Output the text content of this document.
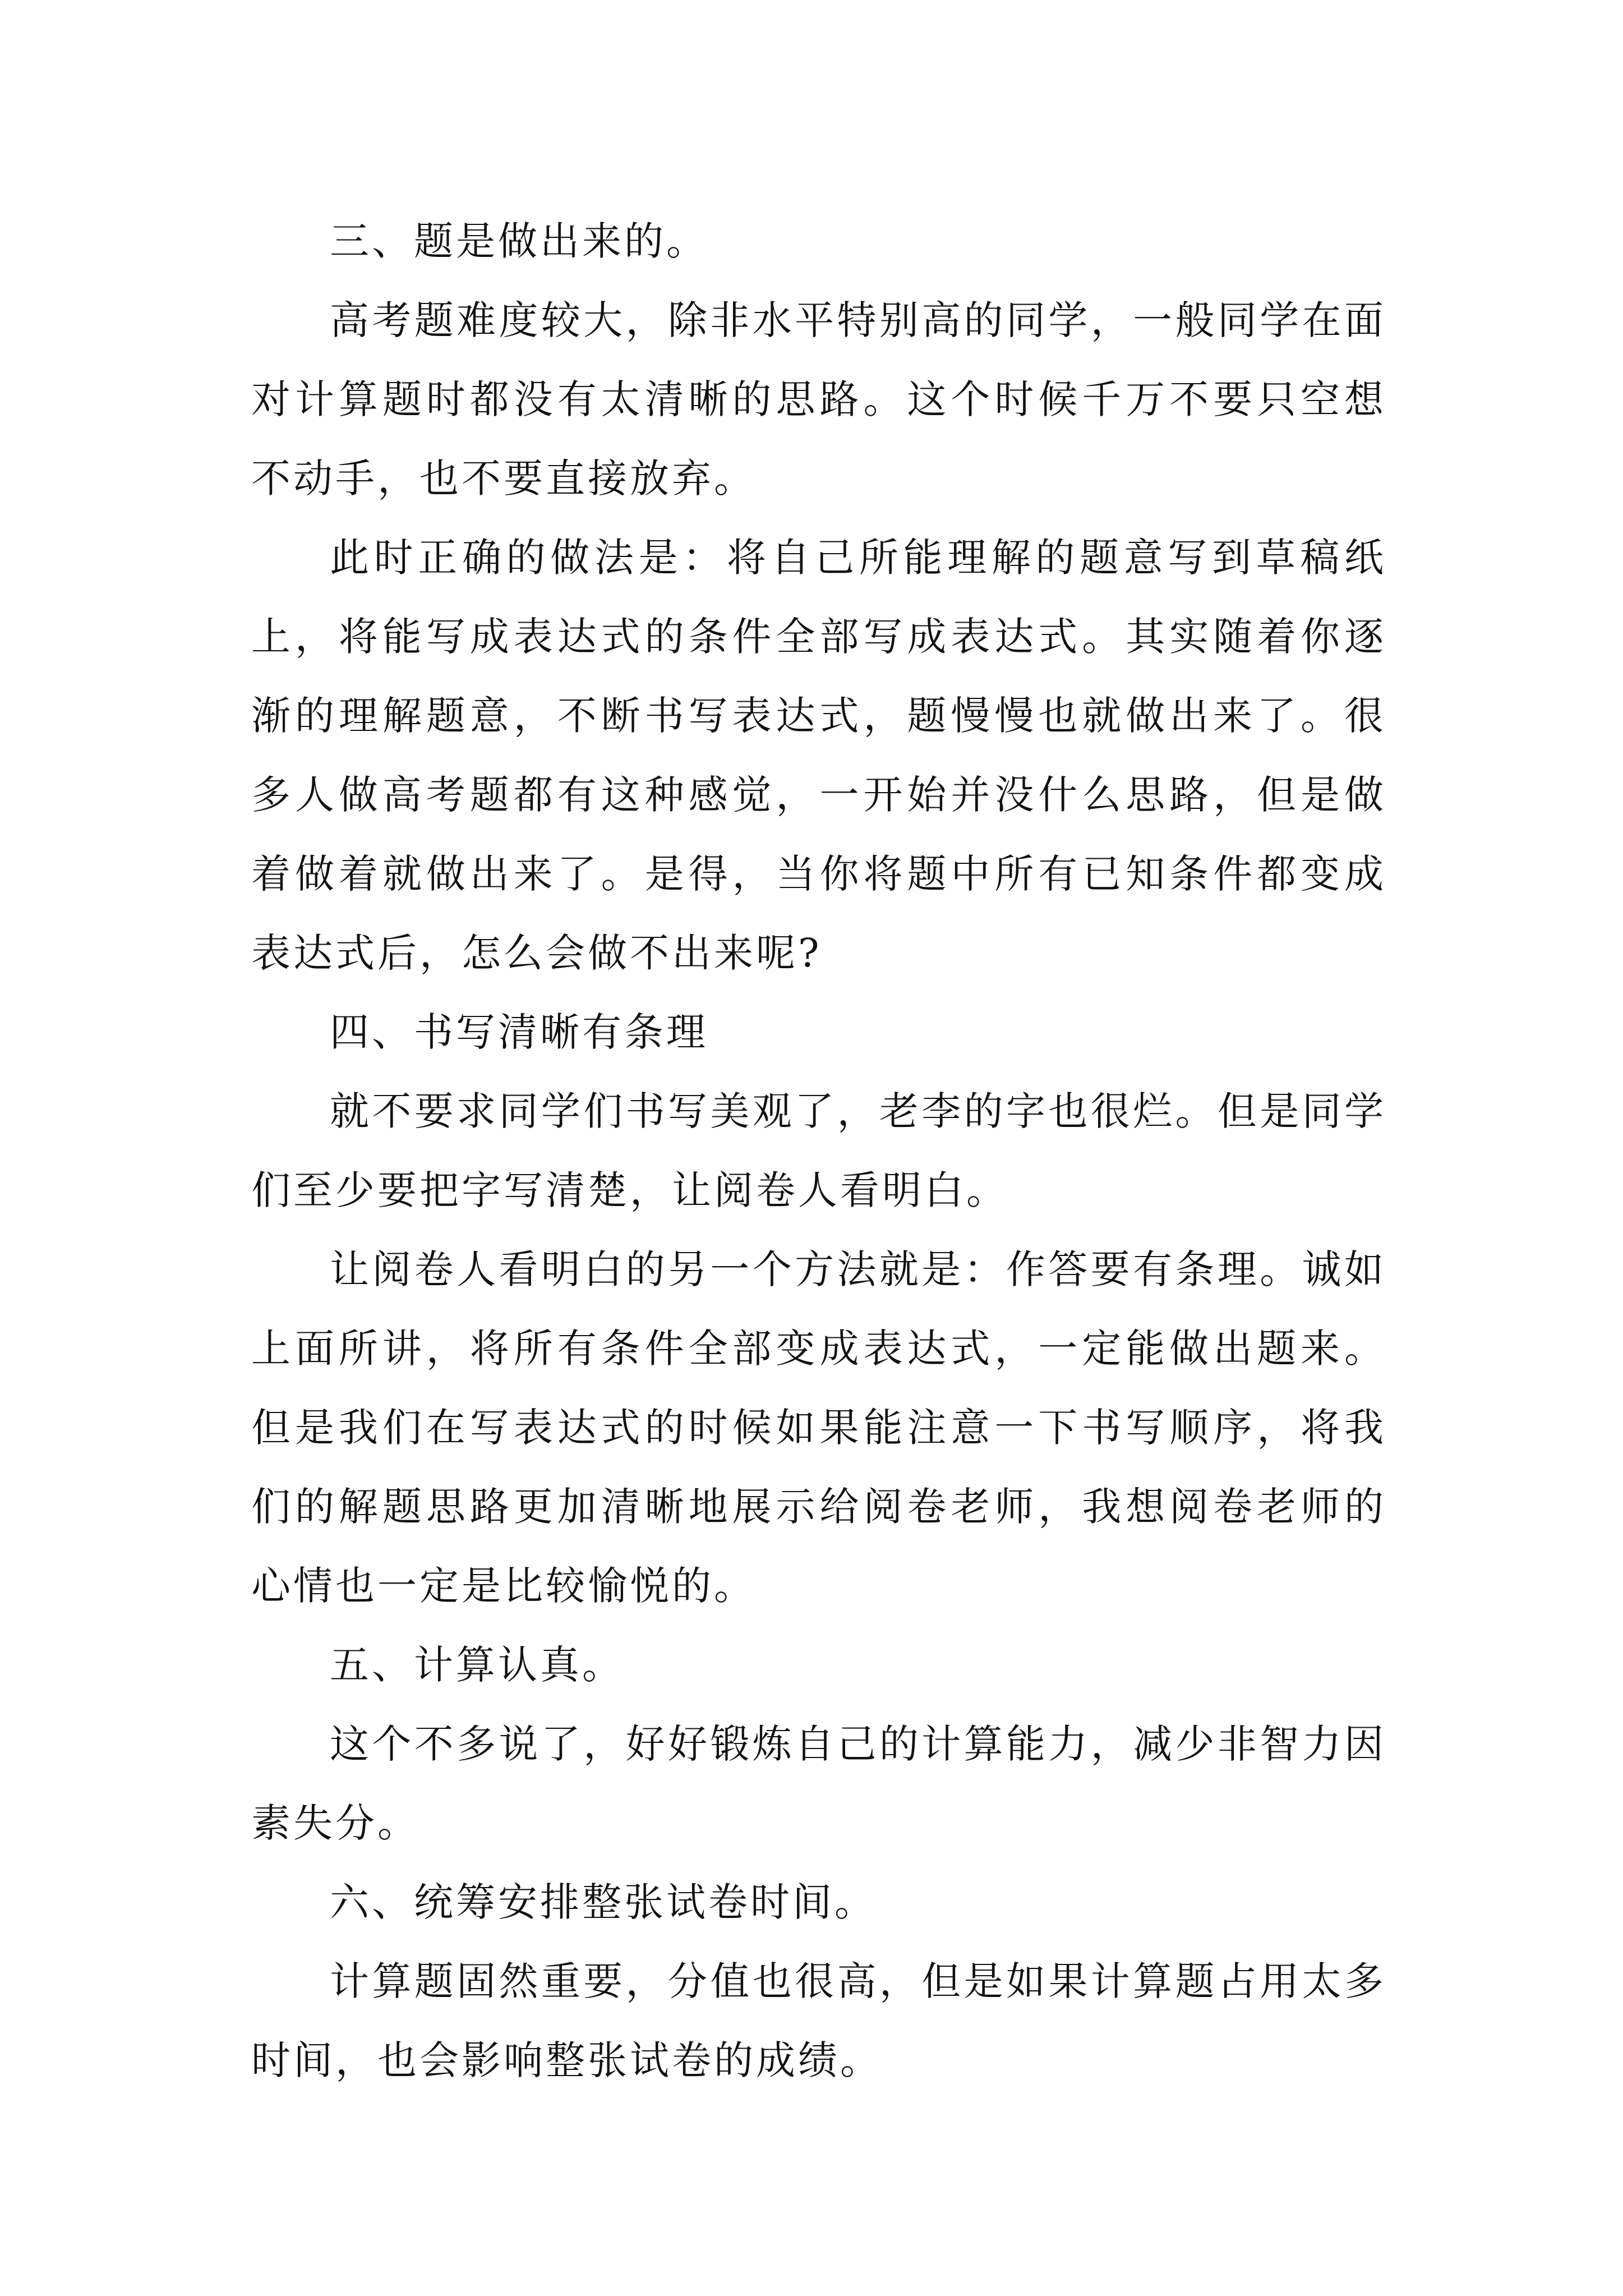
三、题是做出来的。

高考题难度较大，除非水平特别高的同学，一般同学在面对计算题时都没有太清晰的思路。这个时候千万不要只空想不动手，也不要直接放弃。

此时正确的做法是：将自己所能理解的题意写到草稿纸上，将能写成表达式的条件全部写成表达式。其实随着你逐渐的理解题意，不断书写表达式，题慢慢也就做出来了。很多人做高考题都有这种感觉，一开始并没什么思路，但是做着做着就做出来了。是得，当你将题中所有已知条件都变成表达式后，怎么会做不出来呢?

四、书写清晰有条理

就不要求同学们书写美观了，老李的字也很烂。但是同学们至少要把字写清楚，让阅卷人看明白。

让阅卷人看明白的另一个方法就是：作答要有条理。诚如上面所讲，将所有条件全部变成表达式，一定能做出题来。但是我们在写表达式的时候如果能注意一下书写顺序，将我们的解题思路更加清晰地展示给阅卷老师，我想阅卷老师的心情也一定是比较愉悦的。

五、计算认真。

这个不多说了，好好锻炼自己的计算能力，减少非智力因素失分。

六、统筹安排整张试卷时间。

计算题固然重要，分值也很高，但是如果计算题占用太多时间，也会影响整张试卷的成绩。
